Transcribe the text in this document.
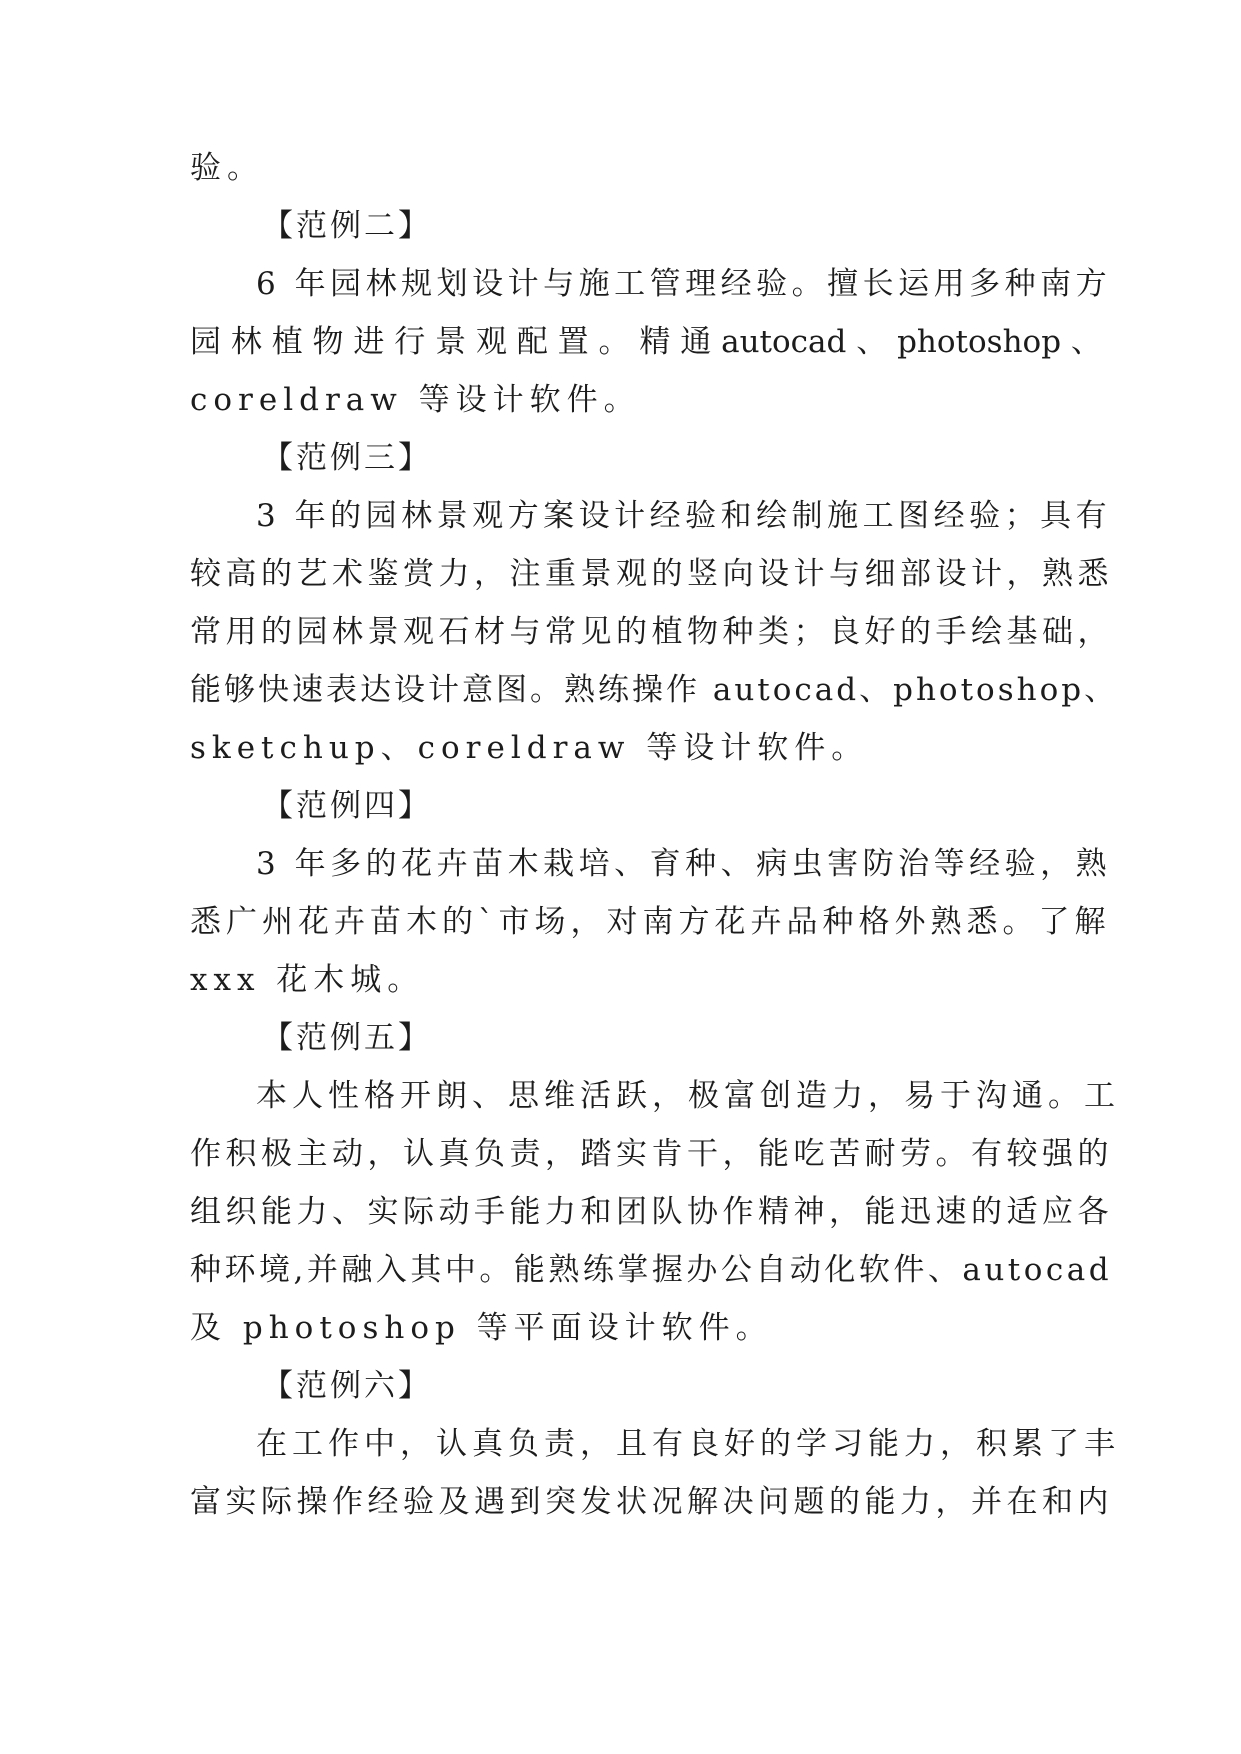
验。
【范例二】
6 年园林规划设计与施工管理经验。擅长运用多种南方
园 林 植 物 进 行 景 观 配 置 。 精 通 autocad 、 photoshop 、
coreldraw 等设计软件。
【范例三】
3 年的园林景观方案设计经验和绘制施工图经验；具有
较高的艺术鉴赏力，注重景观的竖向设计与细部设计，熟悉
常用的园林景观石材与常见的植物种类；良好的手绘基础，
能够快速表达设计意图。熟练操作 autocad、photoshop、
sketchup、coreldraw 等设计软件。
【范例四】
3 年多的花卉苗木栽培、育种、病虫害防治等经验，熟
悉广州花卉苗木的`市场，对南方花卉品种格外熟悉。了解
xxx 花木城。
【范例五】
本人性格开朗、思维活跃，极富创造力，易于沟通。工
作积极主动，认真负责，踏实肯干，能吃苦耐劳。有较强的
组织能力、实际动手能力和团队协作精神，能迅速的适应各
种环境,并融入其中。能熟练掌握办公自动化软件、autocad
及 photoshop 等平面设计软件。
【范例六】
在工作中，认真负责，且有良好的学习能力，积累了丰
富实际操作经验及遇到突发状况解决问题的能力，并在和内
